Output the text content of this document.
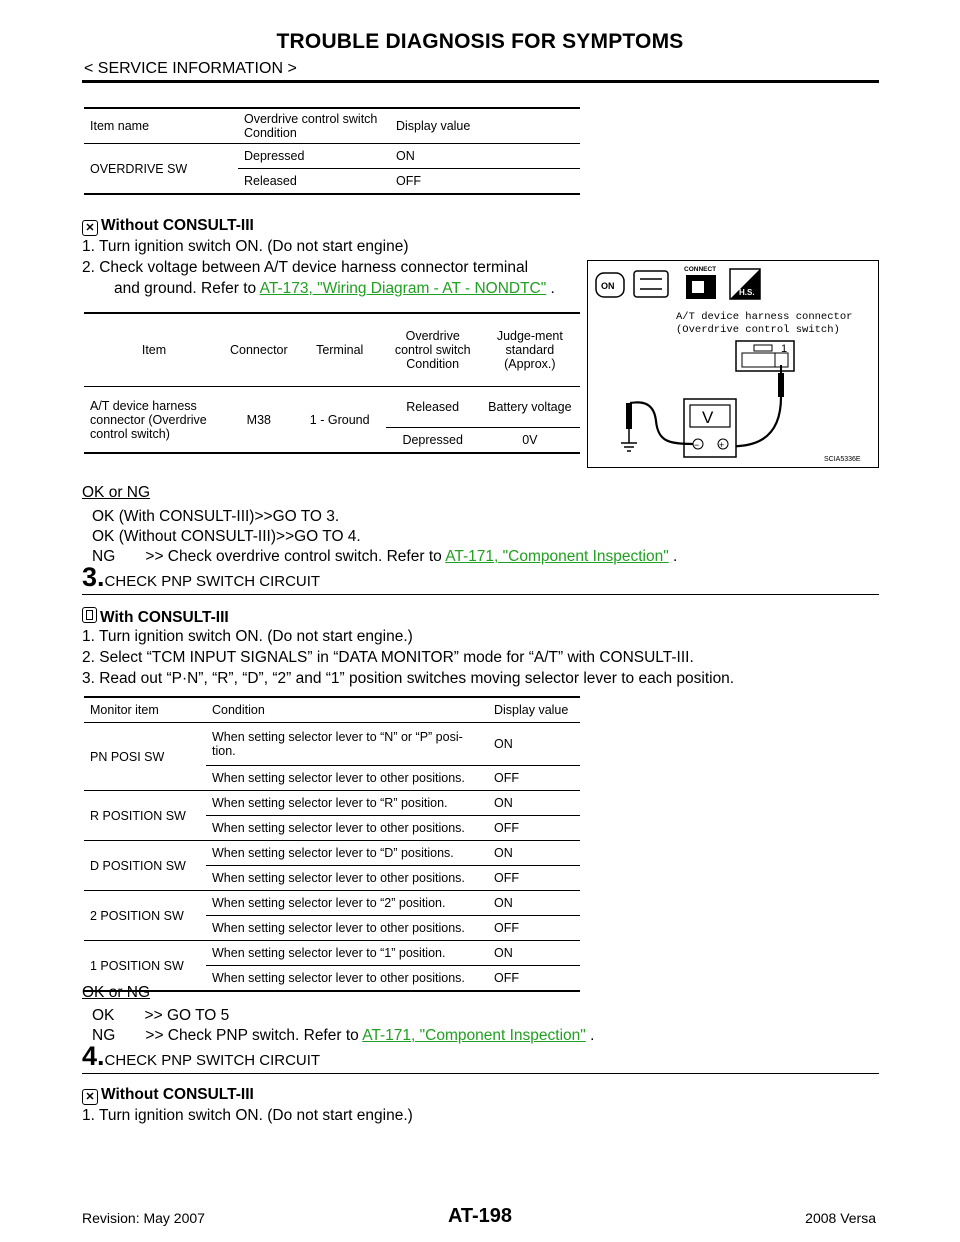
TROUBLE DIAGNOSIS FOR SYMPTOMS
< SERVICE INFORMATION >
Item name	Overdrive control switch Condition	Display value
OVERDRIVE SW	Depressed	ON
	Released	OFF
✕ Without CONSULT-III
1. Turn ignition switch ON. (Do not start engine)
2. Check voltage between A/T device harness connector terminal
and ground. Refer to AT-173, "Wiring Diagram - AT - NONDTC" .
Item	Connector	Terminal	Overdrive control switch Condition	Judge-ment standard (Approx.)
A/T device harness connector (Overdrive control switch)	M38	1 - Ground	Released	Battery voltage
			Depressed	0V
ON
CONNECT
H.S.
A/T device harness connector
(Overdrive control switch)
1
V
− +
SCIA5336E
OK or NG
OK (With CONSULT-III)>>GO TO 3.
OK (Without CONSULT-III)>>GO TO 4.
NG       >> Check overdrive control switch. Refer to AT-171, "Component Inspection" .
3.CHECK PNP SWITCH CIRCUIT
With CONSULT-III
1. Turn ignition switch ON. (Do not start engine.)
2. Select “TCM INPUT SIGNALS” in “DATA MONITOR” mode for “A/T” with CONSULT-III.
3. Read out “P·N”, “R”, “D”, “2” and “1” position switches moving selector lever to each position.
Monitor item	Condition	Display value
PN POSI SW	When setting selector lever to “N” or “P” posi-tion.	ON
	When setting selector lever to other positions.	OFF
R POSITION SW	When setting selector lever to “R” position.	ON
	When setting selector lever to other positions.	OFF
D POSITION SW	When setting selector lever to “D” positions.	ON
	When setting selector lever to other positions.	OFF
2 POSITION SW	When setting selector lever to “2” position.	ON
	When setting selector lever to other positions.	OFF
1 POSITION SW	When setting selector lever to “1” position.	ON
	When setting selector lever to other positions.	OFF
OK or NG
OK       >> GO TO 5
NG       >> Check PNP switch. Refer to AT-171, "Component Inspection" .
4.CHECK PNP SWITCH CIRCUIT
✕ Without CONSULT-III
1. Turn ignition switch ON. (Do not start engine.)
Revision: May 2007	AT-198	2008 Versa
